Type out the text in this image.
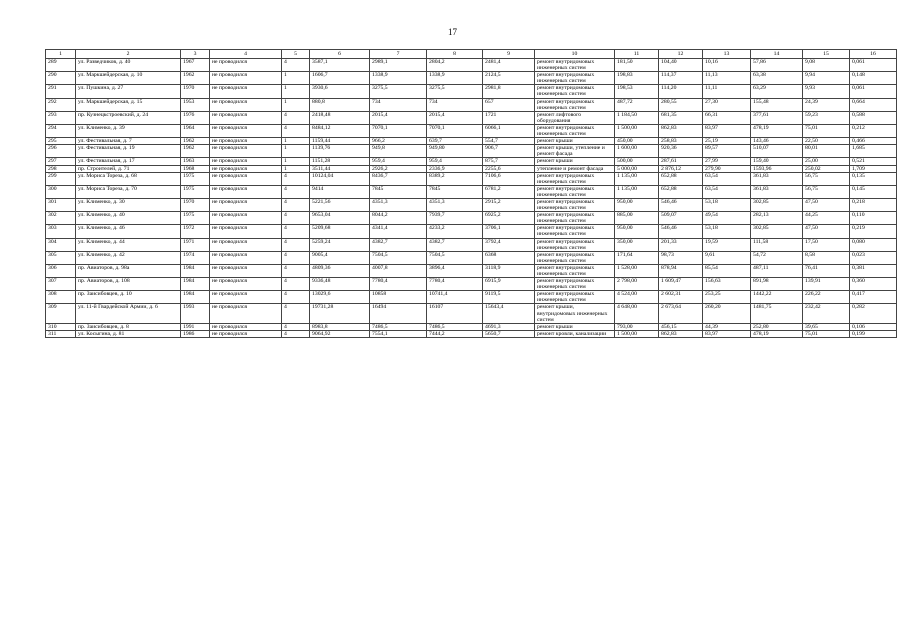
17
1	2	3	4	5	6	7	8	9	10	11	12	13	14	15	16
289	ул. Разведчиков, д. 40	1967	не проводился	4	3587,1	2989,1	2804,2	2481,4	ремонт внутридомовых инженерных систем	181,50	104,40	10,16	57,86	9,08	0,061
290	ул. Маркшейдерская, д. 10	1962	не проводился	1	1606,7	1338,9	1338,9	2124,5	ремонт внутридомовых инженерных систем	198,83	114,37	11,13	63,38	9,94	0,148
291	ул. Пушкина, д. 27	1970	не проводился	1	3930,6	3275,5	3275,5	2981,8	ремонт внутридомовых инженерных систем	198,53	114,20	11,11	63,29	9,93	0,061
292	ул. Маркшейдерская, д. 15	1953	не проводился	1	880,8	734	734	657	ремонт внутридомовых инженерных систем	487,72	280,55	27,30	155,48	24,39	0,664
293	пр. Кузнецкстроевский, д. 24	1976	не проводился	4	2418,48	2015,4	2015,4	1721	ремонт лифтового оборудования	1 184,50	681,35	66,31	377,61	59,23	0,588
294	ул. Клименко, д. 39	1964	не проводился	4	8484,12	7070,1	7070,1	6066,1	ремонт внутридомовых инженерных систем	1 500,00	862,83	83,97	478,19	75,01	0,212
295	ул. Фестивальная, д. 7	1962	не проводился	1	1159,44	966,2	639,7	554,7	ремонт крыши	450,00	258,83	25,19	143,46	22,50	0,466
296	ул. Фестивальная, д. 19	1962	не проводился	1	1139,76	949,8	949,80	906,7	ремонт крыши, утепление и ремонт фасада	1 600,00	920,36	89,57	510,07	80,01	1,685
297	ул. Фестивальная, д. 17	1963	не проводился	1	1151,28	959,4	959,4	875,7	ремонт крыши	500,00	287,61	27,99	159,40	25,00	0,521
298	пр. Строителей, д. 71	1968	не проводился	1	3511,44	2926,2	2336,9	2255,6	утепление и ремонт фасада	5 000,00	2 876,12	279,90	1593,96	250,02	1,709
299	ул. Мориса Тореза, д. 68	1975	не проводился	4	10124,04	8436,7	8389,2	7106,6	ремонт внутридомовых инженерных систем	1 135,00	652,88	63,54	361,83	56,75	0,135
300	ул. Мориса Тореза, д. 70	1975	не проводился	4	9414	7845	7845	6781,2	ремонт внутридомовых инженерных систем	1 135,00	652,88	63,54	361,83	56,75	0,145
301	ул. Клименко, д. 30	1970	не проводился	4	5221,56	4351,3	4351,3	2915,2	ремонт внутридомовых инженерных систем	950,00	546,46	53,18	302,85	47,50	0,218
302	ул. Клименко, д. 40	1975	не проводился	4	9653,04	8044,2	7939,7	6925,2	ремонт внутридомовых инженерных систем	885,00	509,07	49,54	282,13	44,25	0,110
303	ул. Клименко, д. 46	1972	не проводился	4	5209,68	4341,4	4233,2	3706,1	ремонт внутридомовых инженерных систем	950,00	546,46	53,18	302,85	47,50	0,219
304	ул. Клименко, д. 44	1971	не проводился	4	5259,24	4382,7	4382,7	3792,4	ремонт внутридомовых инженерных систем	350,00	201,33	19,59	111,58	17,50	0,080
305	ул. Клименко, д. 42	1974	не проводился	4	9005,4	7504,5	7504,5	6368	ремонт внутридомовых инженерных систем	171,64	98,73	9,61	54,72	8,58	0,023
306	пр. Авиаторов, д. 98а	1984	не проводился	4	4809,36	4007,8	3896,4	3118,9	ремонт внутридомовых инженерных систем	1 528,00	878,94	85,54	487,11	76,41	0,381
307	пр. Авиаторов, д. 108	1984	не проводился	4	9336,48	7780,4	7780,4	6915,9	ремонт внутридомовых инженерных систем	2 798,00	1 609,47	156,63	891,98	139,91	0,360
308	пр. Заисибовцев, д. 10	1984	не проводился	4	13029,6	10858	10741,4	9119,5	ремонт внутридомовых инженерных систем	4 524,00	2 602,31	253,25	1442,22	226,22	0,417
309	ул. 11-й Гвардейской Армии, д. 6	1993	не проводился	4	19731,28	16494	16107	15643,4	ремонт крыши, внутридомовых инженерных систем	4 648,00	2 673,64	260,20	1481,75	232,42	0,282
310	пр. Заисибовцев, д. 8	1991	не проводился	4	8983,8	7486,5	7486,5	4691,3	ремонт крыши	793,00	456,15	44,39	252,80	39,65	0,106
311	ул. Косыгина, д. 81	1986	не проводился	4	9064,92	7554,1	7444,2	5650,7	ремонт кровли, канализации	1 500,00	862,83	83,97	478,19	75,01	0,199
